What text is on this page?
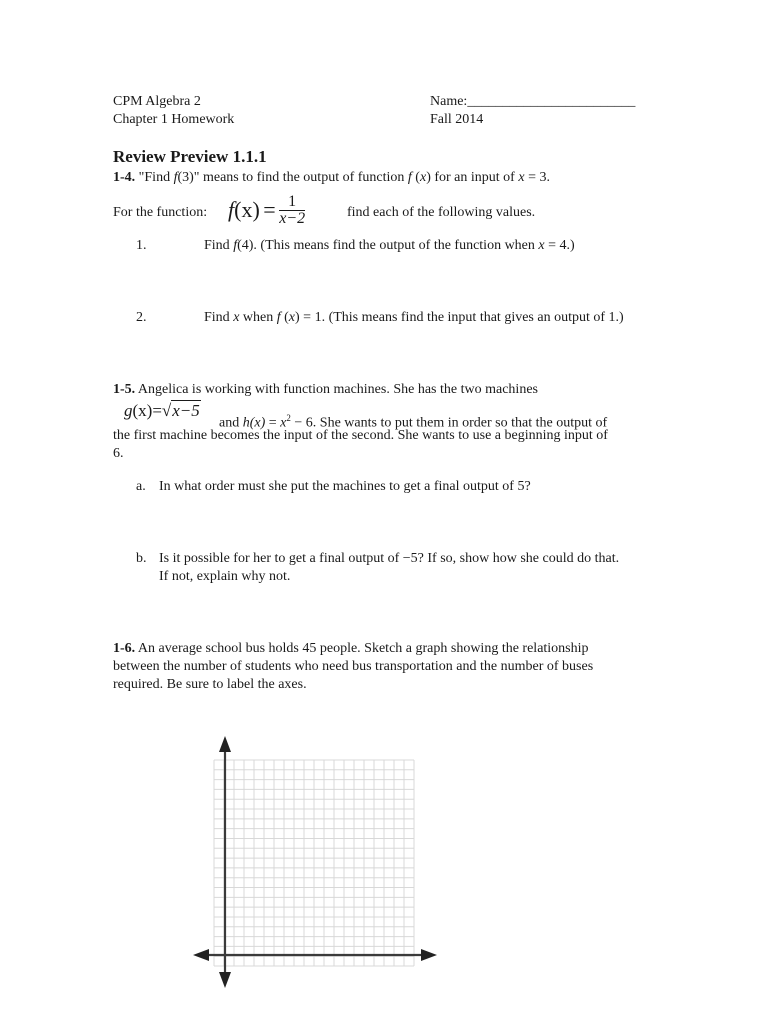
CPM Algebra 2
Chapter 1 Homework
Name:________________________
Fall 2014
Review Preview 1.1.1
1-4. "Find f(3)" means to find the output of function f (x) for an input of x = 3.
For the function: $f(x) = \frac{1}{x-2}$	find each of the following values.
1.	Find f(4). (This means find the output of the function when x = 4.)
2.	Find x when f (x) = 1. (This means find the input that gives an output of 1.)
1-5. Angelica is working with function machines. She has the two machines
g(x)=√x−5
and $h(x) = x^2 - 6$. She wants to put them in order so that the output of
the first machine becomes the input of the second. She wants to use a beginning input of
6.
a. In what order must she put the machines to get a final output of 5?
b. Is it possible for her to get a final output of −5? If so, show how she could do that.
If not, explain why not.
1-6. An average school bus holds 45 people. Sketch a graph showing the relationship
between the number of students who need bus transportation and the number of buses
required. Be sure to label the axes.
